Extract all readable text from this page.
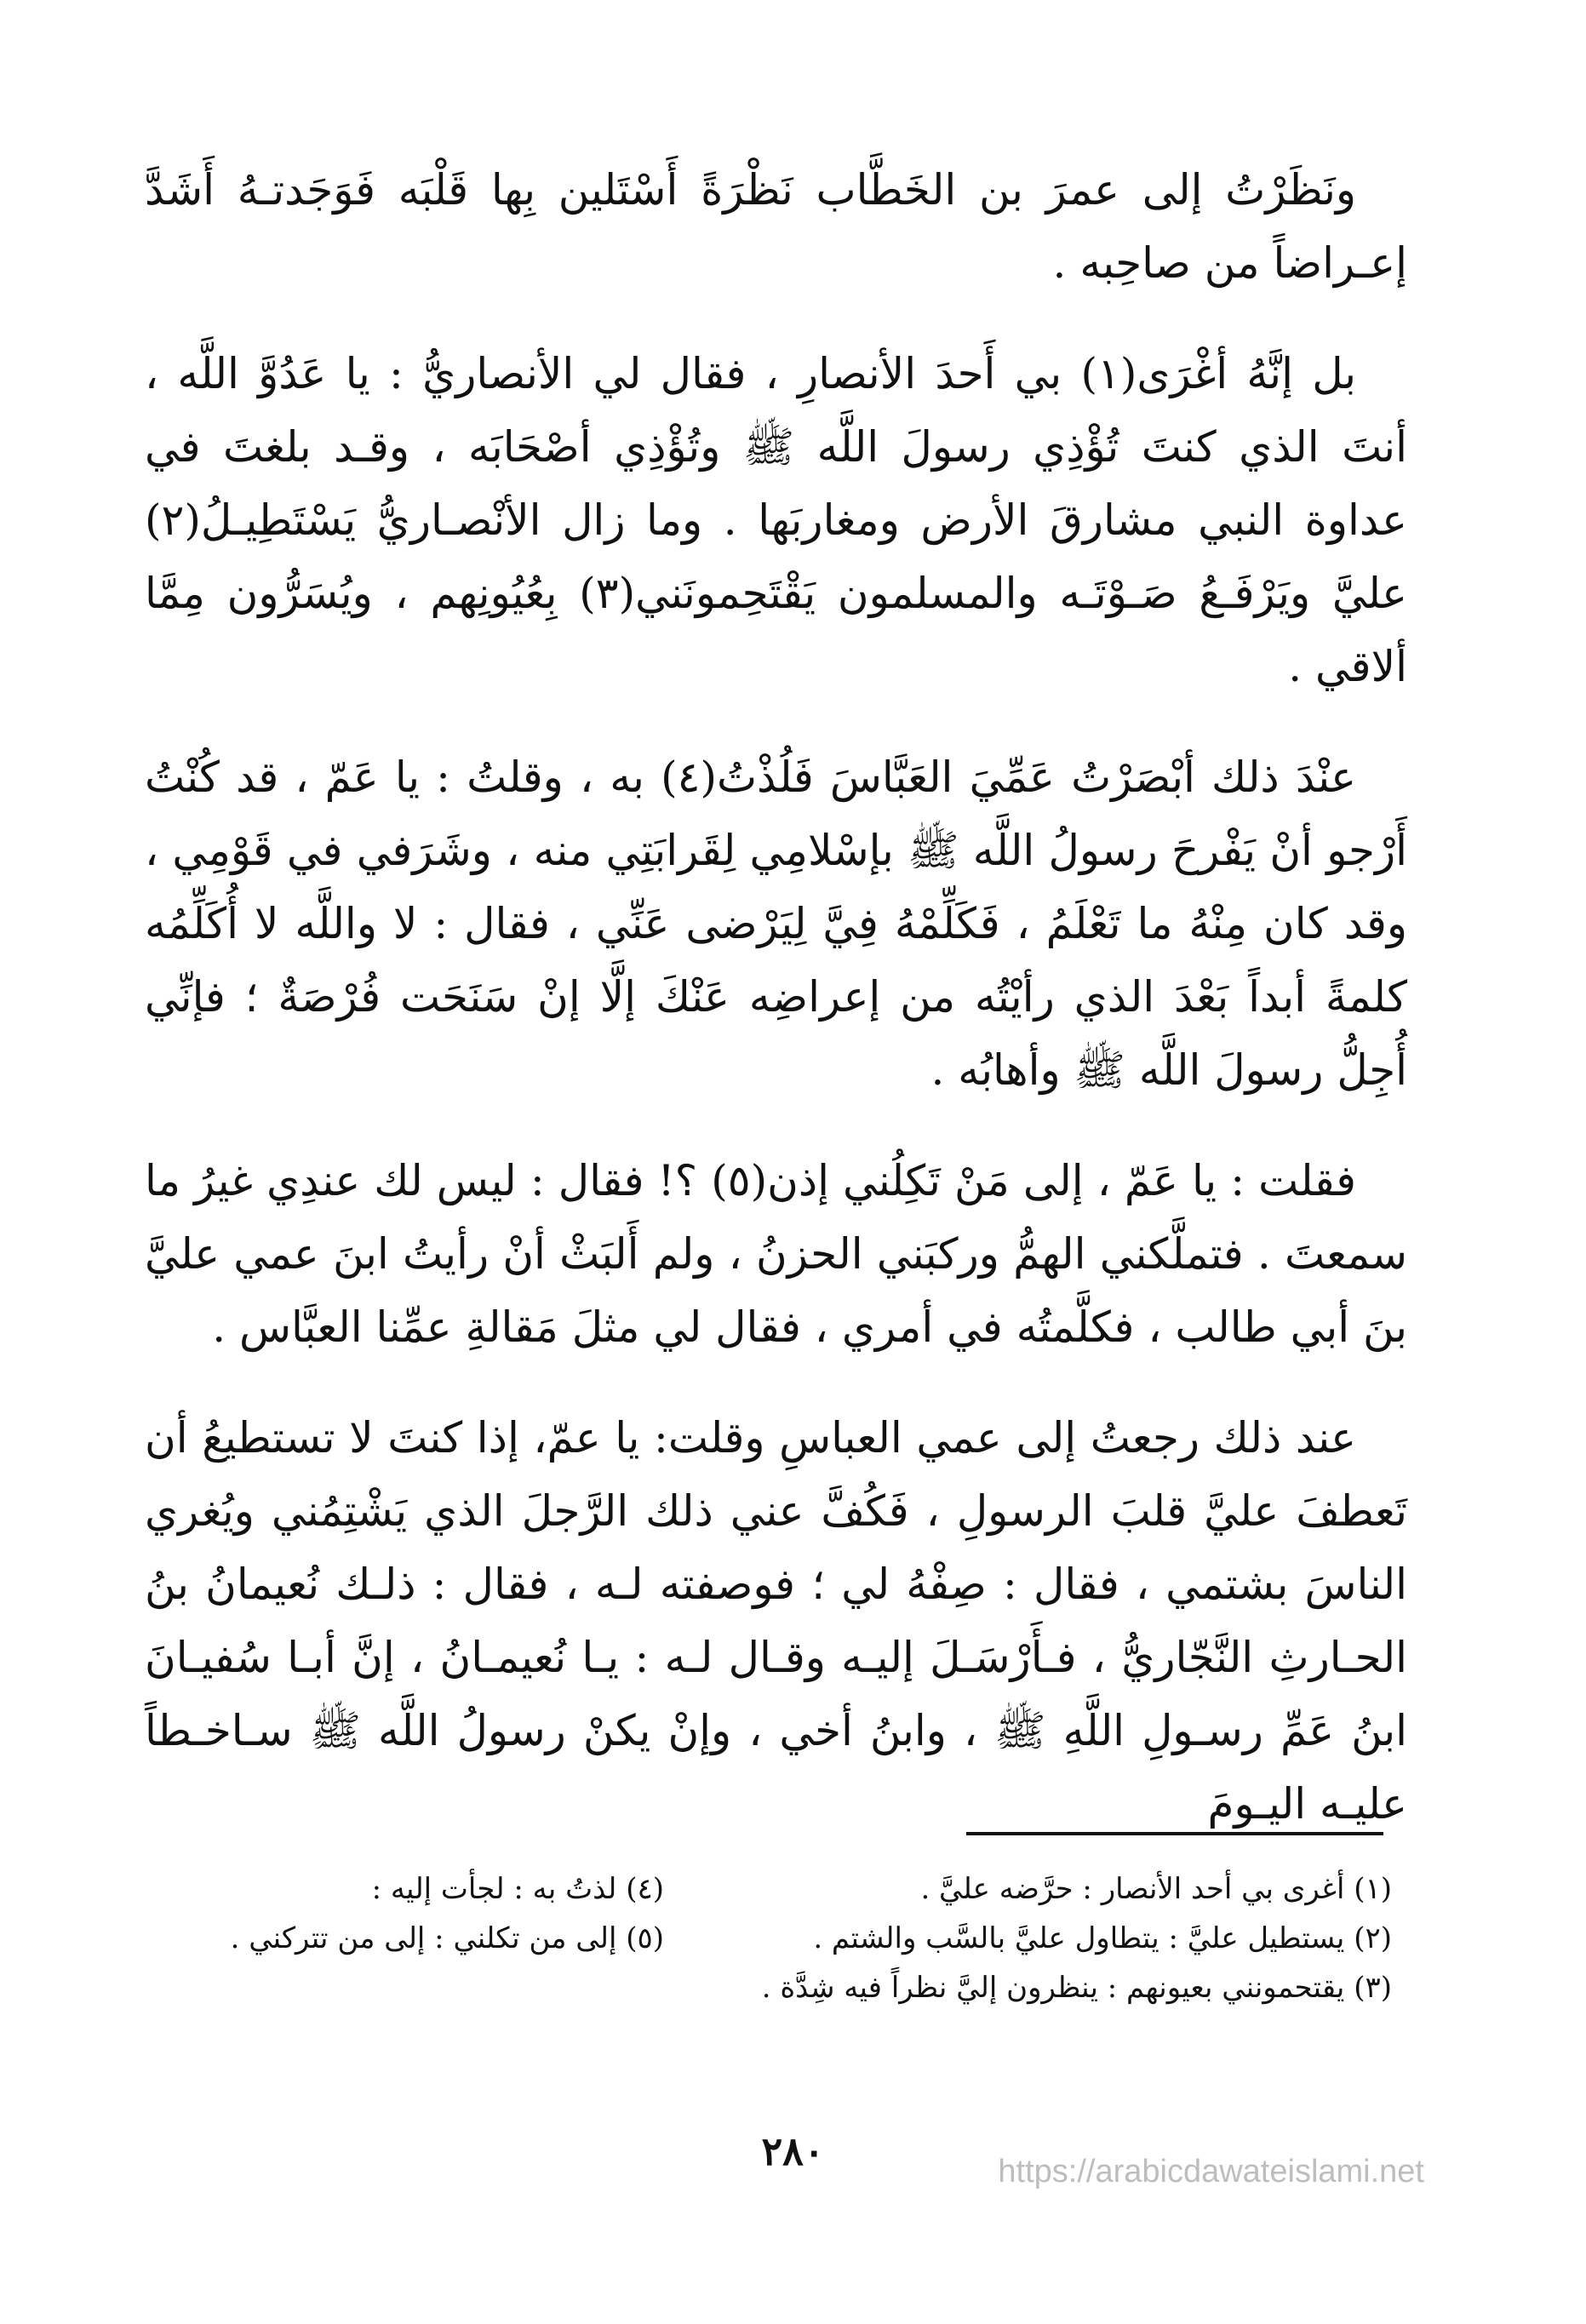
ونَظَرْتُ إلى عمرَ بن الخَطَّاب نَظْرَةً أَسْتَلين بِها قَلْبَه فَوَجَدتـهُ أَشَدَّ إعـراضاً من صاحِبه .

بل إنَّهُ أغْرَى(١) بي أَحدَ الأنصارِ ، فقال لي الأنصاريُّ : يا عَدُوَّ اللَّه ، أنتَ الذي كنتَ تُؤْذِي رسولَ اللَّه ﷺ وتُؤْذِي أصْحَابَه ، وقـد بلغتَ في عداوة النبي مشارقَ الأرض ومغاربَها . وما زال الأنْصـاريُّ يَسْتَطِيـلُ(٢) عليَّ ويَرْفَـعُ صَـوْتَـه والمسلمون يَقْتَحِمونَني(٣) بِعُيُونِهم ، ويُسَرُّون مِمَّا ألاقي .

عنْدَ ذلك أبْصَرْتُ عَمِّيَ العَبَّاسَ فَلُذْتُ(٤) به ، وقلتُ : يا عَمّ ، قد كُنْتُ أَرْجو أنْ يَفْرحَ رسولُ اللَّه ﷺ بإسْلامِي لِقَرابَتِي منه ، وشَرَفي في قَوْمِي ، وقد كان مِنْهُ ما تَعْلَمُ ، فَكَلِّمْهُ فِيَّ لِيَرْضى عَنِّي ، فقال : لا واللَّه لا أُكَلِّمُه كلمةً أبداً بَعْدَ الذي رأيْتُه من إعراضِه عَنْكَ إلَّا إنْ سَنَحَت فُرْصَةٌ ؛ فإنِّي أُجِلُّ رسولَ اللَّه ﷺ وأهابُه .

فقلت : يا عَمّ ، إلى مَنْ تَكِلُني إذن(٥) ؟! فقال : ليس لك عندِي غيرُ ما سمعتَ . فتملَّكني الهمُّ وركبَني الحزنُ ، ولم أَلبَثْ أنْ رأيتُ ابنَ عمي عليَّ بنَ أبي طالب ، فكلَّمتُه في أمري ، فقال لي مثلَ مَقالةِ عمِّنا العبَّاس .

عند ذلك رجعتُ إلى عمي العباسِ وقلت: يا عمّ، إذا كنتَ لا تستطيعُ أن تَعطفَ عليَّ قلبَ الرسولِ ، فَكُفَّ عني ذلك الرَّجلَ الذي يَشْتِمُني ويُغري الناسَ بشتمي ، فقال : صِفْهُ لي ؛ فوصفته لـه ، فقال : ذلـك نُعيمانُ بنُ الحـارثِ النَّجّاريُّ ، فـأَرْسَـلَ إليـه وقـال لـه : يـا نُعيمـانُ ، إنَّ أبـا سُفيـانَ ابنُ عَمِّ رسـولِ اللَّهِ ﷺ ، وابنُ أخي ، وإنْ يكنْ رسولُ اللَّه ﷺ سـاخـطاً عليـه اليـومَ

(١) أغرى بي أحد الأنصار : حرَّضه عليَّ .
(٢) يستطيل عليَّ : يتطاول عليَّ بالسَّب والشتم .
(٣) يقتحمونني بعيونهم : ينظرون إليَّ نظراً فيه شِدَّة .
(٤) لذتُ به : لجأت إليه :
(٥) إلى من تكلني : إلى من تتركني .
٢٨٠	https://arabicdawateislami.net
